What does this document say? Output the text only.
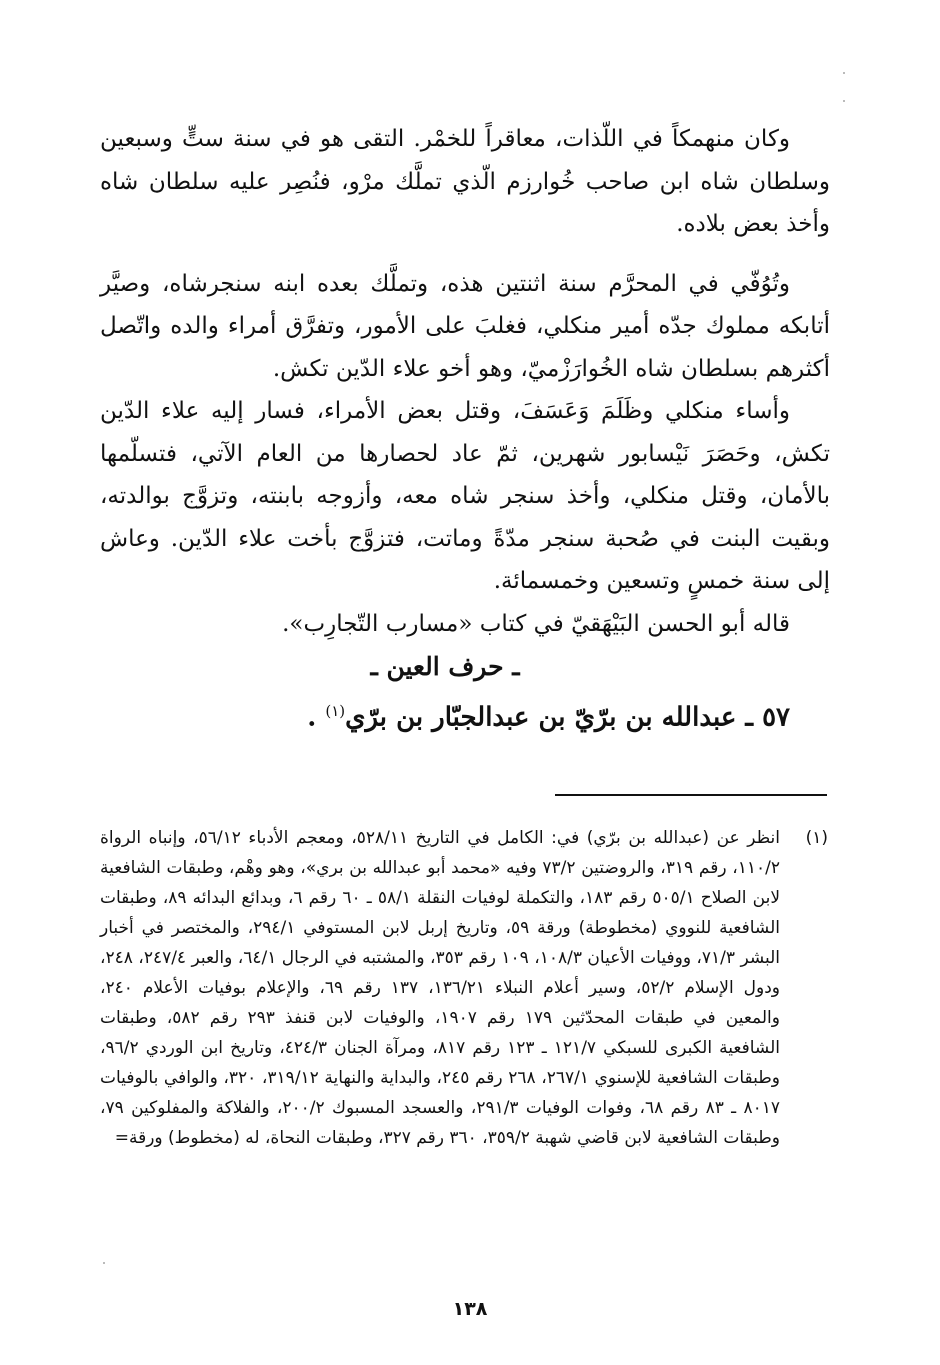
وكان منهمكاً في اللّذات، معاقراً للخمْر. التقى هو في سنة ستٍّ وسبعين وسلطان شاه ابن صاحب خُوارزم الّذي تملَّك مرْو، فنُصِر عليه سلطان شاه وأخذ بعض بلاده.

وتُوُفّي في المحرَّم سنة اثنتين هذه، وتملَّك بعده ابنه سنجرشاه، وصيَّر أتابكه مملوك جدّه أمير منكلي، فغلبَ على الأمور، وتفرَّق أمراء والده واتّصل أكثرهم بسلطان شاه الخُوارَزْميّ، وهو أخو علاء الدّين تكش.

وأساء منكلي وظَلَمَ وَعَسَفَ، وقتل بعض الأمراء، فسار إليه علاء الدّين تكش، وحَصَرَ نَيْسابور شهرين، ثمّ عاد لحصارها من العام الآتي، فتسلّمها بالأمان، وقتل منكلي، وأخذ سنجر شاه معه، وأزوجه بابنته، وتزوَّج بوالدته، وبقيت البنت في صُحبة سنجر مدّةً وماتت، فتزوَّج بأخت علاء الدّين. وعاش إلى سنة خمسٍ وتسعين وخمسمائة.

قاله أبو الحسن البَيْهَقيّ في كتاب «مسارب التّجارِب».

ـ حرف العين ـ

٥٧ ـ عبدالله بن برّيّ بن عبدالجبّار بن برّي$^{(١)}$ .

(١)
انظر عن (عبدالله بن برّي) في: الكامل في التاريخ ٥٢٨/١١، ومعجم الأدباء ٥٦/١٢، وإنباه الرواة ١١٠/٢، رقم ٣١٩، والروضتين ٧٣/٢ وفيه «محمد أبو عبدالله بن بري»، وهو وهْم، وطبقات الشافعية لابن الصلاح ٥٠٥/١ رقم ١٨٣، والتكملة لوفيات النقلة ٥٨/١ ـ ٦٠ رقم ٦، وبدائع البدائه ٨٩، وطبقات الشافعية للنووي (مخطوطة) ورقة ٥٩، وتاريخ إربل لابن المستوفي ٢٩٤/١، والمختصر في أخبار البشر ٧١/٣، ووفيات الأعيان ١٠٨/٣، ١٠٩ رقم ٣٥٣، والمشتبه في الرجال ٦٤/١، والعبر ٢٤٧/٤، ٢٤٨، ودول الإسلام ٥٢/٢، وسير أعلام النبلاء ١٣٦/٢١، ١٣٧ رقم ٦٩، والإعلام بوفيات الأعلام ٢٤٠، والمعين في طبقات المحدّثين ١٧٩ رقم ١٩٠٧، والوفيات لابن قنفذ ٢٩٣ رقم ٥٨٢، وطبقات الشافعية الكبرى للسبكي ١٢١/٧ ـ ١٢٣ رقم ٨١٧، ومرآة الجنان ٤٢٤/٣، وتاريخ ابن الوردي ٩٦/٢، وطبقات الشافعية للإسنوي ٢٦٧/١، ٢٦٨ رقم ٢٤٥، والبداية والنهاية ٣١٩/١٢، ٣٢٠، والوافي بالوفيات ٨٠١٧ ـ ٨٣ رقم ٦٨، وفوات الوفيات ٢٩١/٣، والعسجد المسبوك ٢٠٠/٢، والفلاكة والمفلوكين ٧٩، وطبقات الشافعية لابن قاضي شهبة ٣٥٩/٢، ٣٦٠ رقم ٣٢٧، وطبقات النحاة، له (مخطوط) ورقة=
١٣٨
